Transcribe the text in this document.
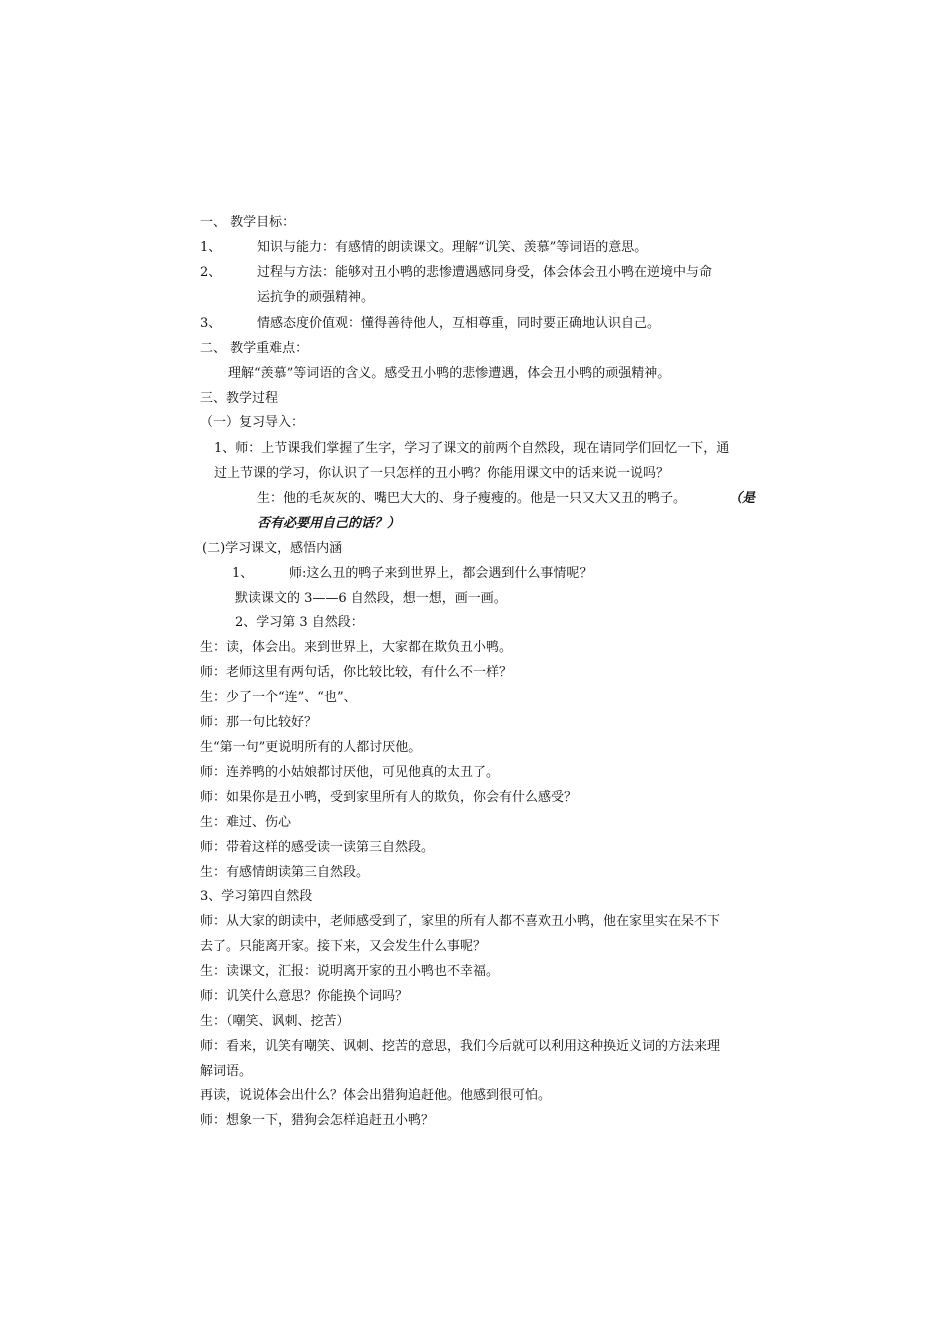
一、 教学目标：
1、	知识与能力：有感情的朗读课文。理解“讥笑、羡慕”等词语的意思。
2、	过程与方法：能够对丑小鸭的悲惨遭遇感同身受，体会体会丑小鸭在逆境中与命
运抗争的顽强精神。
3、	情感态度价值观：懂得善待他人，互相尊重，同时要正确地认识自己。
二、 教学重难点：
理解“羡慕”等词语的含义。感受丑小鸭的悲惨遭遇，体会丑小鸭的顽强精神。
三、教学过程
（一）复习导入：
1、师：上节课我们掌握了生字，学习了课文的前两个自然段，现在请同学们回忆一下，通
过上节课的学习，你认识了一只怎样的丑小鸭？你能用课文中的话来说一说吗？
生：他的毛灰灰的、嘴巴大大的、身子瘦瘦的。他是一只又大又丑的鸭子。	（是
否有必要用自己的话？）
(二)学习课文，感悟内涵
1、	师:这么丑的鸭子来到世界上，都会遇到什么事情呢？
默读课文的 3——6 自然段，想一想，画一画。
2、学习第 3 自然段：
生：读，体会出。来到世界上，大家都在欺负丑小鸭。
师：老师这里有两句话，你比较比较，有什么不一样？
生：少了一个“连”、“也”、
师：那一句比较好？
生“第一句”更说明所有的人都讨厌他。
师：连养鸭的小姑娘都讨厌他，可见他真的太丑了。
师：如果你是丑小鸭，受到家里所有人的欺负，你会有什么感受？
生：难过、伤心
师：带着这样的感受读一读第三自然段。
生：有感情朗读第三自然段。
3、学习第四自然段
师：从大家的朗读中，老师感受到了，家里的所有人都不喜欢丑小鸭，他在家里实在呆不下
去了。只能离开家。接下来，又会发生什么事呢？
生：读课文，汇报：说明离开家的丑小鸭也不幸福。
师：讥笑什么意思？你能换个词吗？
生：（嘲笑、讽刺、挖苦）
师：看来，讥笑有嘲笑、讽刺、挖苦的意思，我们今后就可以利用这种换近义词的方法来理
解词语。
再读，说说体会出什么？体会出猎狗追赶他。他感到很可怕。
师：想象一下，猎狗会怎样追赶丑小鸭？
